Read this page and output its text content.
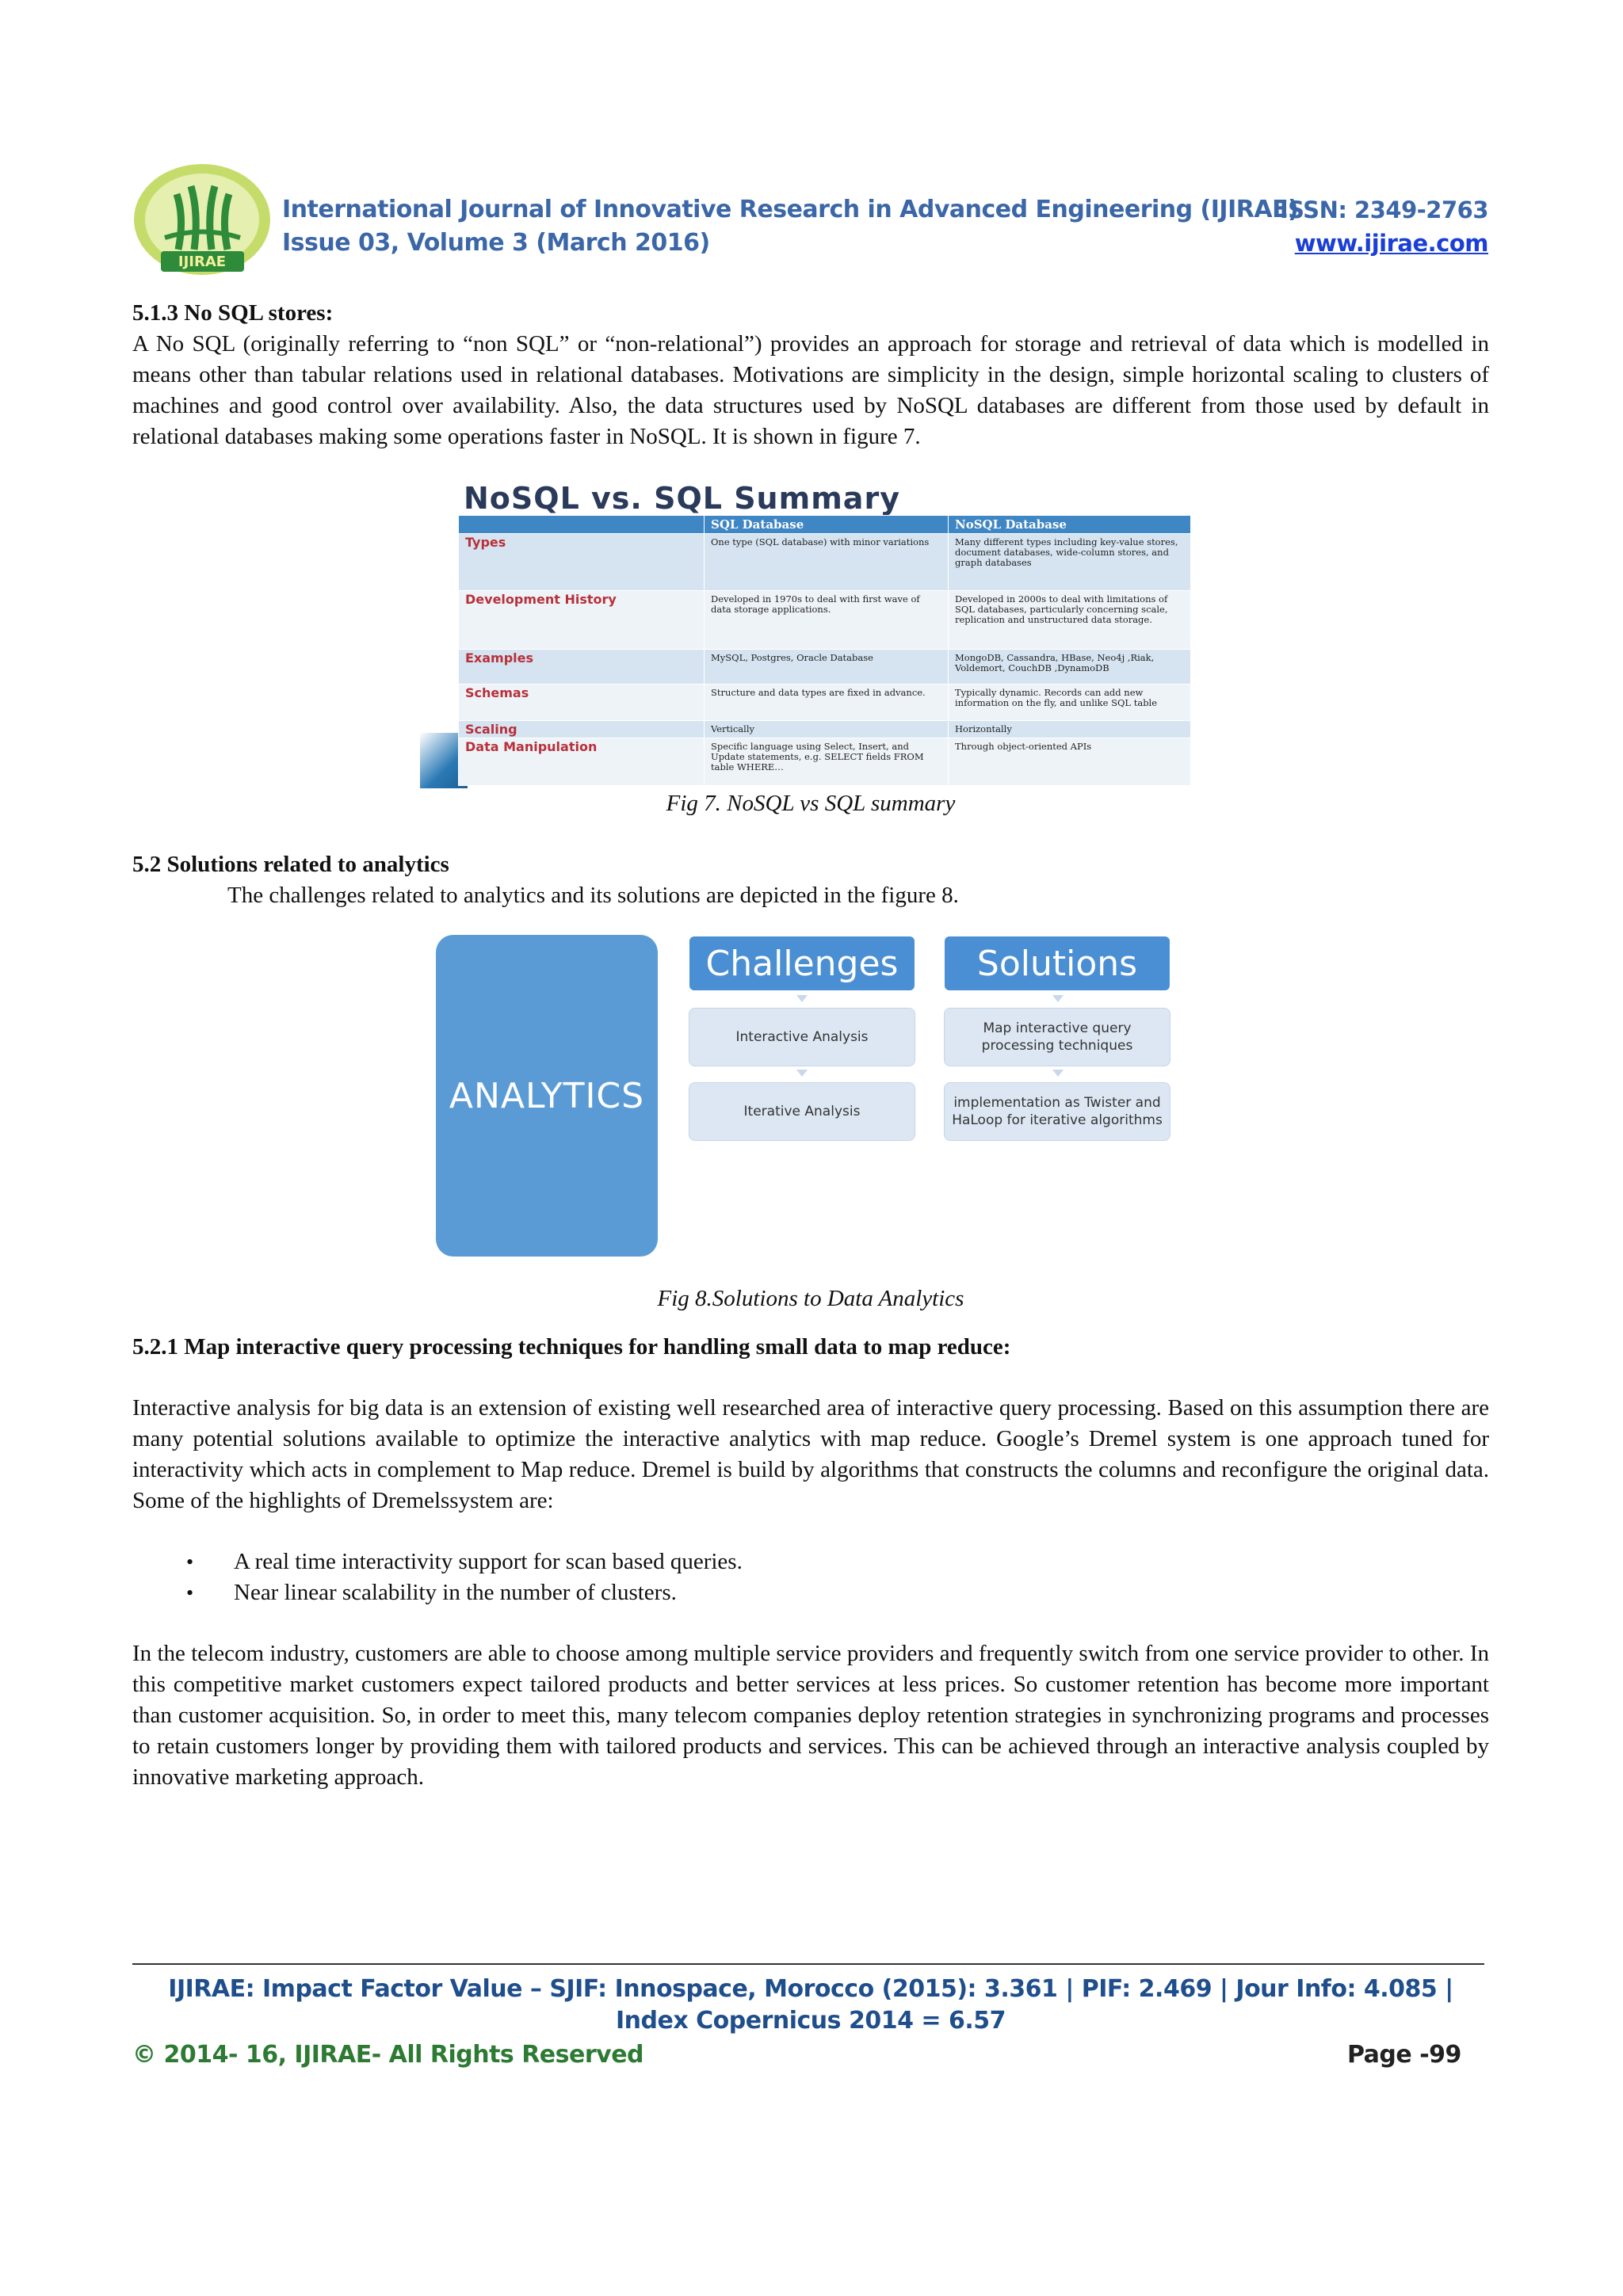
IJIRAE
International Journal of Innovative Research in Advanced Engineering (IJIRAE)
Issue 03, Volume 3 (March 2016)
ISSN: 2349-2763
www.ijirae.com
5.1.3 No SQL stores:
A No SQL (originally referring to “non SQL” or “non-relational”) provides an approach for storage and retrieval of data which is modelled in means other than tabular relations used in relational databases. Motivations are simplicity in the design, simple horizontal scaling to clusters of machines and good control over availability. Also, the data structures used by NoSQL databases are different from those used by default in relational databases making some operations faster in NoSQL. It is shown in figure 7.
NoSQL vs. SQL Summary
	SQL Database	NoSQL Database
Types	One type (SQL database) with minor variations	Many different types including key-value stores, document databases, wide-column stores, and graph databases
Development History	Developed in 1970s to deal with first wave of data storage applications.	Developed in 2000s to deal with limitations of SQL databases, particularly concerning scale, replication and unstructured data storage.
Examples	MySQL, Postgres, Oracle Database	MongoDB, Cassandra, HBase, Neo4j ,Riak, Voldemort, CouchDB ,DynamoDB
Schemas	Structure and data types are fixed in advance.	Typically dynamic. Records can add new information on the fly, and unlike SQL table
Scaling	Vertically	Horizontally
Data Manipulation	Specific language using Select, Insert, and Update statements, e.g. SELECT fields FROM table WHERE…	Through object-oriented APIs
Fig 7. NoSQL vs SQL summary
5.2 Solutions related to analytics
The challenges related to analytics and its solutions are depicted in the figure 8.
ANALYTICS
Challenges	Solutions
Interactive Analysis
Map interactive query processing techniques
Iterative Analysis
implementation as Twister and HaLoop for iterative algorithms
Fig 8.Solutions to Data Analytics
5.2.1 Map interactive query processing techniques for handling small data to map reduce:
Interactive analysis for big data is an extension of existing well researched area of interactive query processing. Based on this assumption there are many potential solutions available to optimize the interactive analytics with map reduce. Google’s Dremel system is one approach tuned for interactivity which acts in complement to Map reduce. Dremel is build by algorithms that constructs the columns and reconfigure the original data. Some of the highlights of Dremelssystem are:
• A real time interactivity support for scan based queries.
• Near linear scalability in the number of clusters.
In the telecom industry, customers are able to choose among multiple service providers and frequently switch from one service provider to other. In this competitive market customers expect tailored products and better services at less prices. So customer retention has become more important than customer acquisition. So, in order to meet this, many telecom companies deploy retention strategies in synchronizing programs and processes to retain customers longer by providing them with tailored products and services. This can be achieved through an interactive analysis coupled by innovative marketing approach.
IJIRAE: Impact Factor Value – SJIF: Innospace, Morocco (2015): 3.361 | PIF: 2.469 | Jour Info: 4.085 |
Index Copernicus 2014 = 6.57
© 2014- 16, IJIRAE- All Rights Reserved	Page -99
